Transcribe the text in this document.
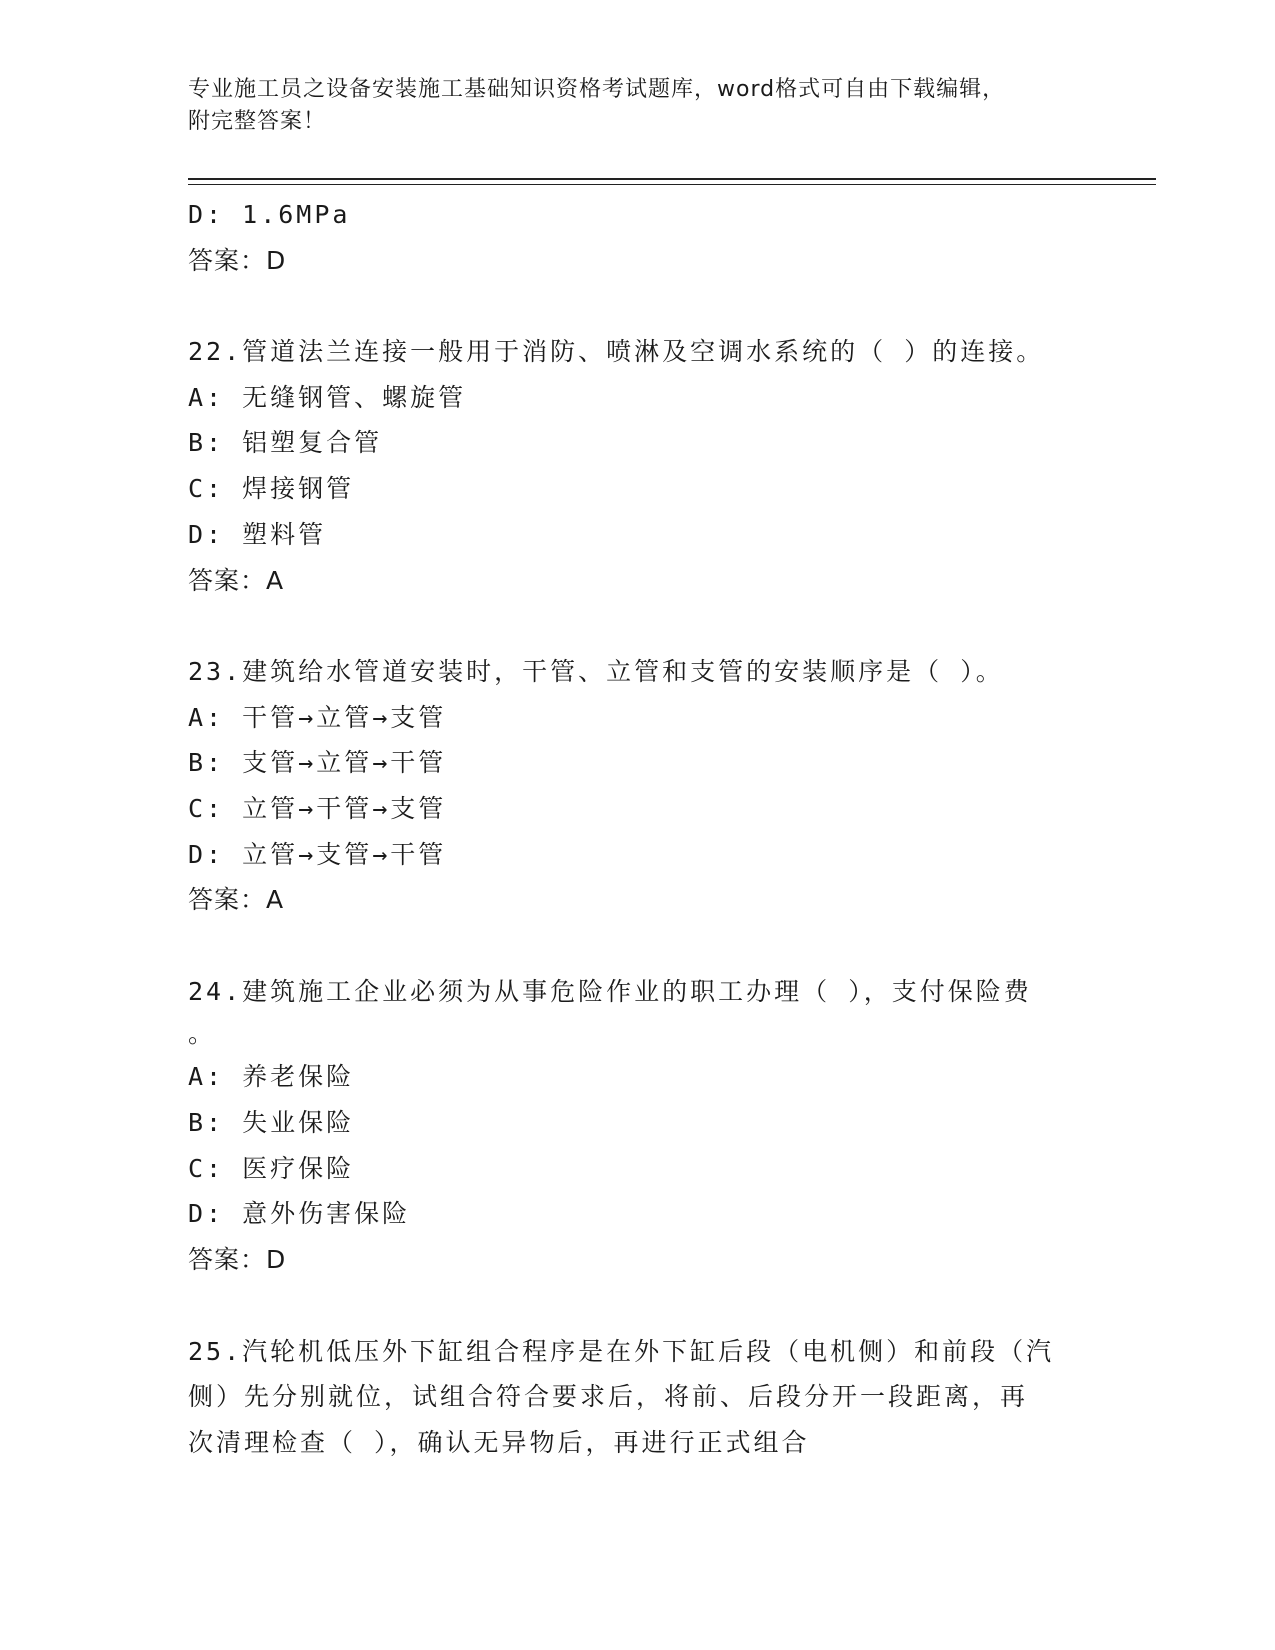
专业施工员之设备安装施工基础知识资格考试题库，word格式可自由下载编辑，
附完整答案！
D: 1.6MPa
答案：D
22.管道法兰连接一般用于消防、喷淋及空调水系统的（ ）的连接。
A: 无缝钢管、螺旋管
B: 铝塑复合管
C: 焊接钢管
D: 塑料管
答案：A
23.建筑给水管道安装时，干管、立管和支管的安装顺序是（ ）。
A: 干管→立管→支管
B: 支管→立管→干管
C: 立管→干管→支管
D: 立管→支管→干管
答案：A
24.建筑施工企业必须为从事危险作业的职工办理（ ），支付保险费
。
A: 养老保险
B: 失业保险
C: 医疗保险
D: 意外伤害保险
答案：D
25.汽轮机低压外下缸组合程序是在外下缸后段（电机侧）和前段（汽
侧）先分别就位，试组合符合要求后，将前、后段分开一段距离，再
次清理检查（ ），确认无异物后，再进行正式组合
